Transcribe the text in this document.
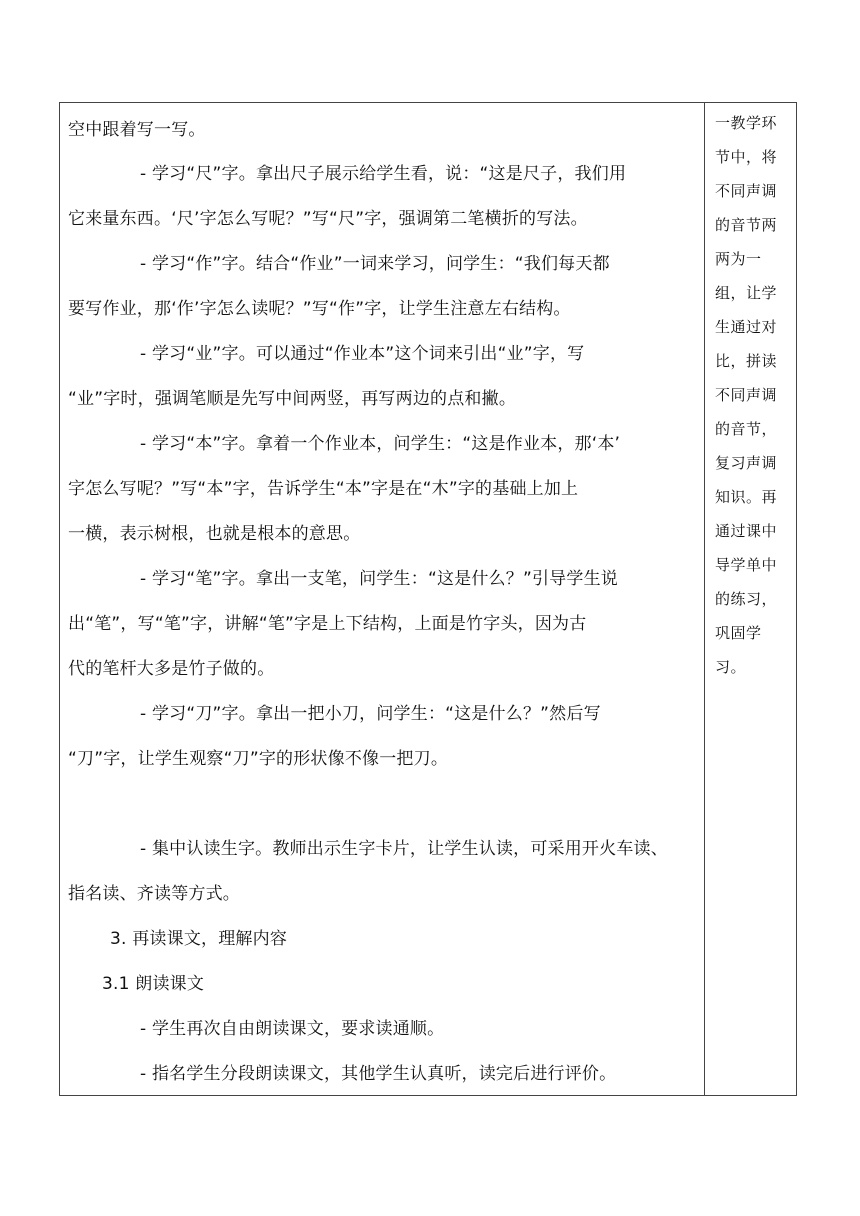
空中跟着写一写。
- 学习“尺”字。拿出尺子展示给学生看，说：“这是尺子，我们用
它来量东西。‘尺’字怎么写呢？”写“尺”字，强调第二笔横折的写法。
- 学习“作”字。结合“作业”一词来学习，问学生：“我们每天都
要写作业，那‘作’字怎么读呢？”写“作”字，让学生注意左右结构。
- 学习“业”字。可以通过“作业本”这个词来引出“业”字，写
“业”字时，强调笔顺是先写中间两竖，再写两边的点和撇。
- 学习“本”字。拿着一个作业本，问学生：“这是作业本，那‘本’
字怎么写呢？”写“本”字，告诉学生“本”字是在“木”字的基础上加上
一横，表示树根，也就是根本的意思。
- 学习“笔”字。拿出一支笔，问学生：“这是什么？”引导学生说
出“笔”，写“笔”字，讲解“笔”字是上下结构，上面是竹字头，因为古
代的笔杆大多是竹子做的。
- 学习“刀”字。拿出一把小刀，问学生：“这是什么？”然后写
“刀”字，让学生观察“刀”字的形状像不像一把刀。
- 集中认读生字。教师出示生字卡片，让学生认读，可采用开火车读、
指名读、齐读等方式。
3. 再读课文，理解内容
3.1 朗读课文
- 学生再次自由朗读课文，要求读通顺。
- 指名学生分段朗读课文，其他学生认真听，读完后进行评价。
一教学环
节中，将
不同声调
的音节两
两为一
组，让学
生通过对
比，拼读
不同声调
的音节，
复习声调
知识。再
通过课中
导学单中
的练习，
巩固学
习。
